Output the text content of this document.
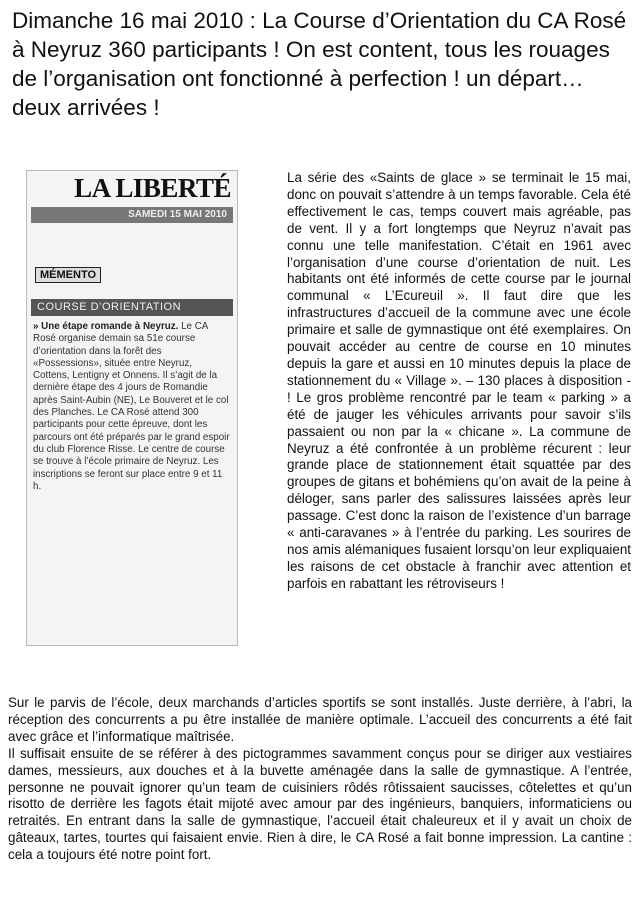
Dimanche 16 mai 2010 : La Course d’Orientation du CA Rosé à Neyruz 360 participants ! On est content, tous les rouages de l’organisation ont fonctionné à perfection ! un départ… deux arrivées !
LA LIBERTÉ
SAMEDI 15 MAI 2010
MÉMENTO
COURSE D’ORIENTATION
» Une étape romande à Neyruz. Le CA Rosé organise demain sa 51e course d’orientation dans la forêt des «Possessions», située entre Neyruz, Cottens, Lentigny et Onnens. Il s’agit de la dernière étape des 4 jours de Romandie après Saint-Aubin (NE), Le Bouveret et le col des Planches. Le CA Rosé attend 300 participants pour cette épreuve, dont les parcours ont été préparés par le grand espoir du club Florence Risse. Le centre de course se trouve à l’école primaire de Neyruz. Les inscriptions se feront sur place entre 9 et 11 h.

La série des «Saints de glace » se terminait le 15 mai, donc on pouvait s’attendre à un temps favorable. Cela été effectivement le cas, temps couvert mais agréable, pas de vent. Il y a fort longtemps que Neyruz n’avait pas connu une telle manifestation. C’était en 1961 avec l’organisation d’une course d’orientation de nuit. Les habitants ont été informés de cette course par le journal communal « L’Ecureuil ». Il faut dire que les infrastructures d’accueil de la commune avec une école primaire et salle de gymnastique ont été exemplaires. On pouvait accéder au centre de course en 10 minutes depuis la gare et aussi en 10 minutes depuis la place de stationnement du « Village ». – 130 places à disposition - ! Le gros problème rencontré par le team « parking » a été de jauger les véhicules arrivants pour savoir s’ils passaient ou non par la « chicane ». La commune de Neyruz a été confrontée à un problème récurent : leur grande place de stationnement était squattée par des groupes de gitans et bohémiens qu’on avait de la peine à déloger, sans parler des salissures laissées après leur passage. C’est donc la raison de l’existence d’un barrage « anti-caravanes » à l’entrée du parking. Les sourires de nos amis alémaniques fusaient lorsqu’on leur expliquaient les raisons de cet obstacle à franchir avec attention et parfois en rabattant les rétroviseurs !

Sur le parvis de l’école, deux marchands d’articles sportifs se sont installés. Juste derrière, à l’abri, la réception des concurrents a pu être installée de manière optimale. L’accueil des concurrents a été fait avec grâce et l’informatique maîtrisée.

Il suffisait ensuite de se référer à des pictogrammes savamment conçus pour se diriger aux vestiaires dames, messieurs, aux douches et à la buvette aménagée dans la salle de gymnastique. A l’entrée, personne ne pouvait ignorer qu’un team de cuisiniers rôdés rôtissaient saucisses, côtelettes et qu’un risotto de derrière les fagots était mijoté avec amour par des ingénieurs, banquiers, informaticiens ou retraités. En entrant dans la salle de gymnastique, l’accueil était chaleureux et il y avait un choix de gâteaux, tartes, tourtes qui faisaient envie. Rien à dire, le CA Rosé a fait bonne impression. La cantine : cela a toujours été notre point fort.
